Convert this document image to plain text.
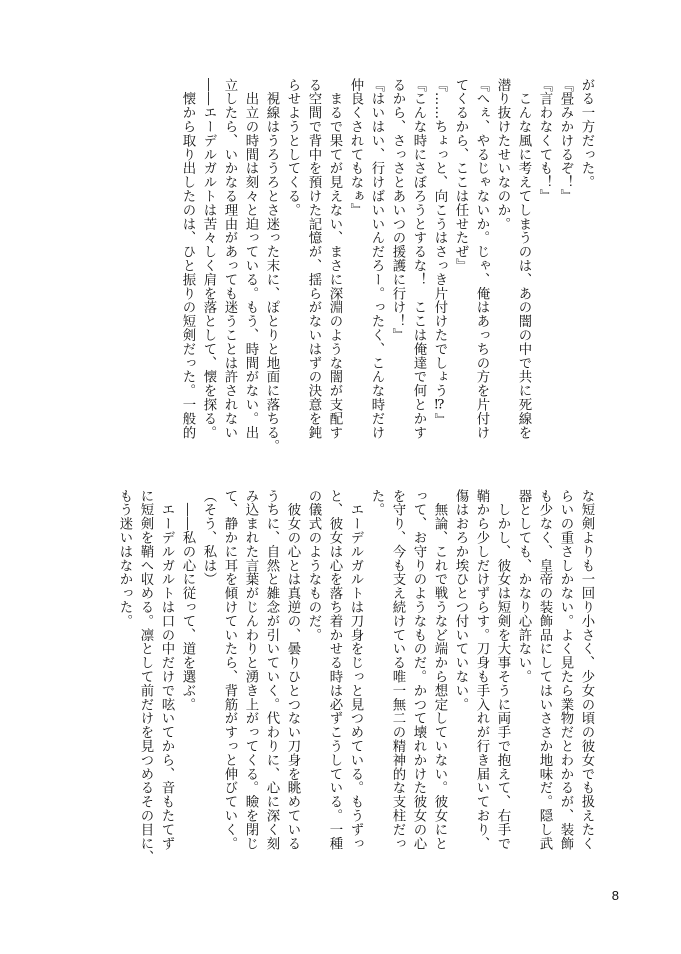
がる一方だった。
『畳みかけるぞ！』
『言わなくても！』
　こんな風に考えてしまうのは、あの闇の中で共に死線を
潜り抜けたせいなのか。
『へぇ、やるじゃないか。じゃ、俺はあっちの方を片付け
てくるから、ここは任せたぜ』
『……ちょっと、向こうはさっき片付けたでしょう⁉』
『こんな時にさぼろうとするな！　ここは俺達で何とかす
るから、さっさとあいつの援護に行け！』
『はいはい、行けばいいんだろー。ったく、こんな時だけ
仲良くされてもなぁ』
　まるで果てが見えない、まさに深淵のような闇が支配す
る空間で背中を預けた記憶が、揺らがないはずの決意を鈍
らせようとしてくる。
　視線はうろうろとさ迷った末に、ぽとりと地面に落ちる。
　出立の時間は刻々と迫っている。もう、時間がない。出
立したら、いかなる理由があっても迷うことは許されない
――エーデルガルトは苦々しく肩を落として、懐を探る。
　懐から取り出したのは、ひと振りの短剣だった。一般的
な短剣よりも一回り小さく、少女の頃の彼女でも扱えたく
らいの重さしかない。よく見たら業物だとわかるが、装飾
も少なく、皇帝の装飾品にしてはいささか地味だ。隠し武
器としても、かなり心許ない。
　しかし、彼女は短剣を大事そうに両手で抱えて、右手で
鞘から少しだけずらす。刀身も手入れが行き届いており、
傷はおろか埃ひとつ付いていない。
　無論、これで戦うなど端から想定していない。彼女にと
って、お守りのようなものだ。かつて壊れかけた彼女の心
を守り、今も支え続けている唯一無二の精神的な支柱だっ
た。
　エーデルガルトは刀身をじっと見つめている。もうずっ
と、彼女は心を落ち着かせる時は必ずこうしている。一種
の儀式のようなものだ。
　彼女の心とは真逆の、曇りひとつない刀身を眺めている
うちに、自然と雑念が引いていく。代わりに、心に深く刻
み込まれた言葉がじんわりと湧き上がってくる。瞼を閉じ
て、静かに耳を傾けていたら、背筋がすっと伸びていく。
（そう、私は）
　――私の心に従って、道を選ぶ。
　エーデルガルトは口の中だけで呟いてから、音もたてず
に短剣を鞘へ収める。凛として前だけを見つめるその目に、
もう迷いはなかった。
8
